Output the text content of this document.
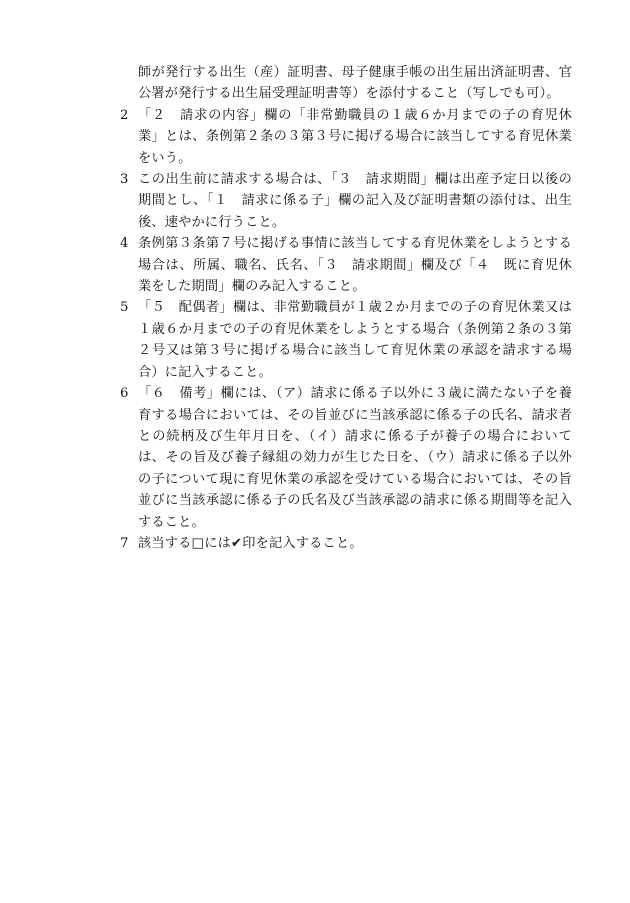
師が発行する出生（産）証明書、母子健康手帳の出生届出済証明書、官公署が発行する出生届受理証明書等）を添付すること（写しでも可）。

2 「２　請求の内容」欄の「非常勤職員の１歳６か月までの子の育児休業」とは、条例第２条の３第３号に掲げる場合に該当してする育児休業をいう。

3 この出生前に請求する場合は、「３　請求期間」欄は出産予定日以後の期間とし、「１　請求に係る子」欄の記入及び証明書類の添付は、出生後、速やかに行うこと。

4 条例第３条第７号に掲げる事情に該当してする育児休業をしようとする場合は、所属、職名、氏名、「３　請求期間」欄及び「４　既に育児休業をした期間」欄のみ記入すること。

5 「５　配偶者」欄は、非常勤職員が１歳２か月までの子の育児休業又は１歳６か月までの子の育児休業をしようとする場合（条例第２条の３第２号又は第３号に掲げる場合に該当して育児休業の承認を請求する場合）に記入すること。

6 「６　備考」欄には、（ア）請求に係る子以外に３歳に満たない子を養育する場合においては、その旨並びに当該承認に係る子の氏名、請求者との続柄及び生年月日を、（イ）請求に係る子が養子の場合においては、その旨及び養子縁組の効力が生じた日を、（ウ）請求に係る子以外の子について現に育児休業の承認を受けている場合においては、その旨並びに当該承認に係る子の氏名及び当該承認の請求に係る期間等を記入すること。

7 該当する□には✔印を記入すること。
